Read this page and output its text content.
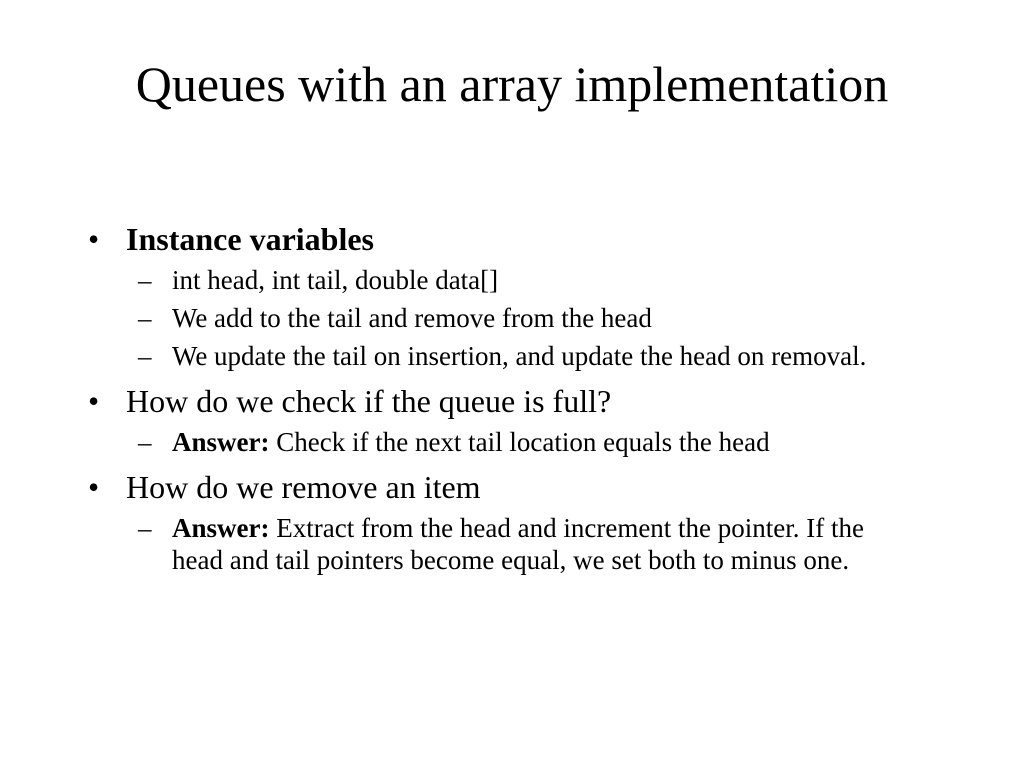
Queues with an array implementation
• Instance variables
– int head, int tail, double data[]
– We add to the tail and remove from the head
– We update the tail on insertion, and update the head on removal.
• How do we check if the queue is full?
– Answer: Check if the next tail location equals the head
• How do we remove an item
– Answer: Extract from the head and increment the pointer. If the head and tail pointers become equal, we set both to minus one.
